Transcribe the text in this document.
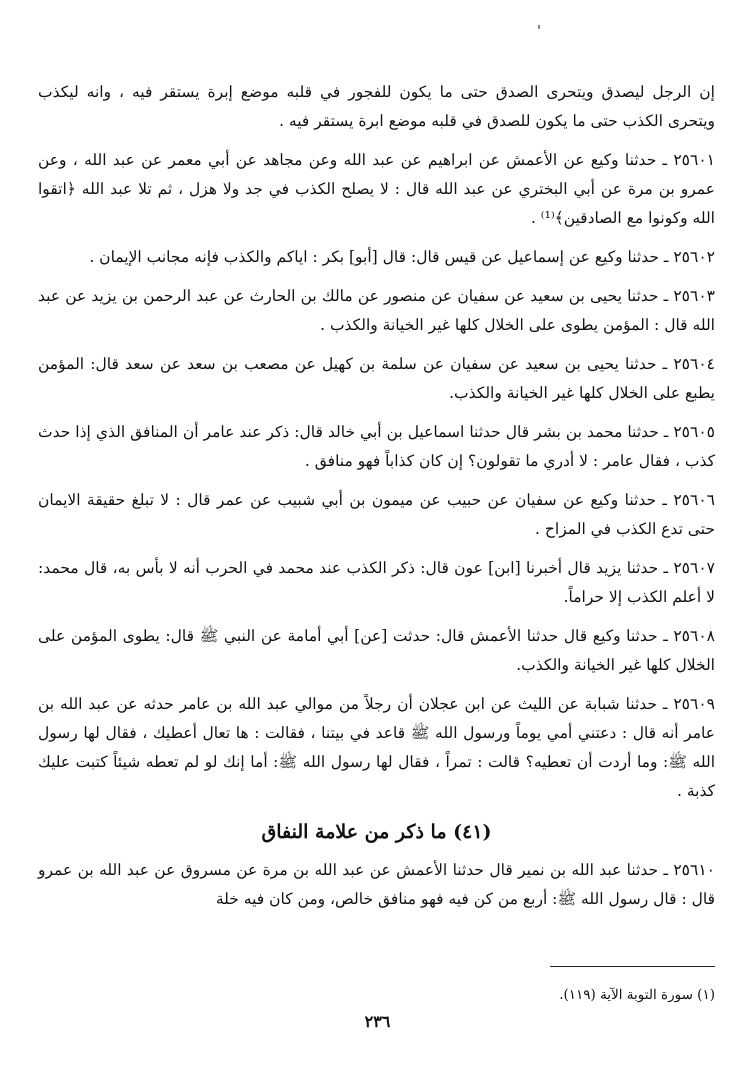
إن الرجل ليصدق ويتحرى الصدق حتى ما يكون للفجور في قلبه موضع إبرة يستقر فيه ، وانه ليكذب ويتحرى الكذب حتى ما يكون للصدق في قلبه موضع ابرة يستقر فيه .

٢٥٦٠١ ـ حدثنا وكيع عن الأعمش عن ابراهيم عن عبد الله وعن مجاهد عن أبي معمر عن عبد الله ، وعن عمرو بن مرة عن أبي البختري عن عبد الله قال : لا يصلح الكذب في جد ولا هزل ، ثم تلا عبد الله ﴿اتقوا الله وكونوا مع الصادقين﴾⁽¹⁾ .

٢٥٦٠٢ ـ حدثنا وكيع عن إسماعيل عن قيس قال: قال [أبو] بكر : اياكم والكذب فإنه مجانب الإيمان .

٢٥٦٠٣ ـ حدثنا يحيى بن سعيد عن سفيان عن منصور عن مالك بن الحارث عن عبد الرحمن بن يزيد عن عبد الله قال : المؤمن يطوى على الخلال كلها غير الخيانة والكذب .

٢٥٦٠٤ ـ حدثنا يحيى بن سعيد عن سفيان عن سلمة بن كهيل عن مصعب بن سعد عن سعد قال: المؤمن يطبع على الخلال كلها غير الخيانة والكذب.

٢٥٦٠٥ ـ حدثنا محمد بن بشر قال حدثنا اسماعيل بن أبي خالد قال: ذكر عند عامر أن المنافق الذي إذا حدث كذب ، فقال عامر : لا أدري ما تقولون؟ إن كان كذاباً فهو منافق .

٢٥٦٠٦ ـ حدثنا وكيع عن سفيان عن حبيب عن ميمون بن أبي شبيب عن عمر قال : لا تبلغ حقيقة الايمان حتى تدع الكذب في المزاح .

٢٥٦٠٧ ـ حدثنا يزيد قال أخبرنا [ابن] عون قال: ذكر الكذب عند محمد في الحرب أنه لا بأس به، قال محمد: لا أعلم الكذب إلا حراماً.

٢٥٦٠٨ ـ حدثنا وكيع قال حدثنا الأعمش قال: حدثت [عن] أبي أمامة عن النبي ﷺ قال: يطوى المؤمن على الخلال كلها غير الخيانة والكذب.

٢٥٦٠٩ ـ حدثنا شبابة عن الليث عن ابن عجلان أن رجلاً من موالي عبد الله بن عامر حدثه عن عبد الله بن عامر أنه قال : دعتني أمي يوماً ورسول الله ﷺ قاعد في بيتنا ، فقالت : ها تعال أعطيك ، فقال لها رسول الله ﷺ: وما أردت أن تعطيه؟ قالت : تمراً ، فقال لها رسول الله ﷺ: أما إنك لو لم تعطه شيئاً كتبت عليك كذبة .

(٤١) ما ذكر من علامة النفاق

٢٥٦١٠ ـ حدثنا عبد الله بن نمير قال حدثنا الأعمش عن عبد الله بن مرة عن مسروق عن عبد الله بن عمرو قال : قال رسول الله ﷺ: أربع من كن فيه فهو منافق خالص، ومن كان فيه خلة

(١) سورة التوبة الآية (١١٩).
٢٣٦
